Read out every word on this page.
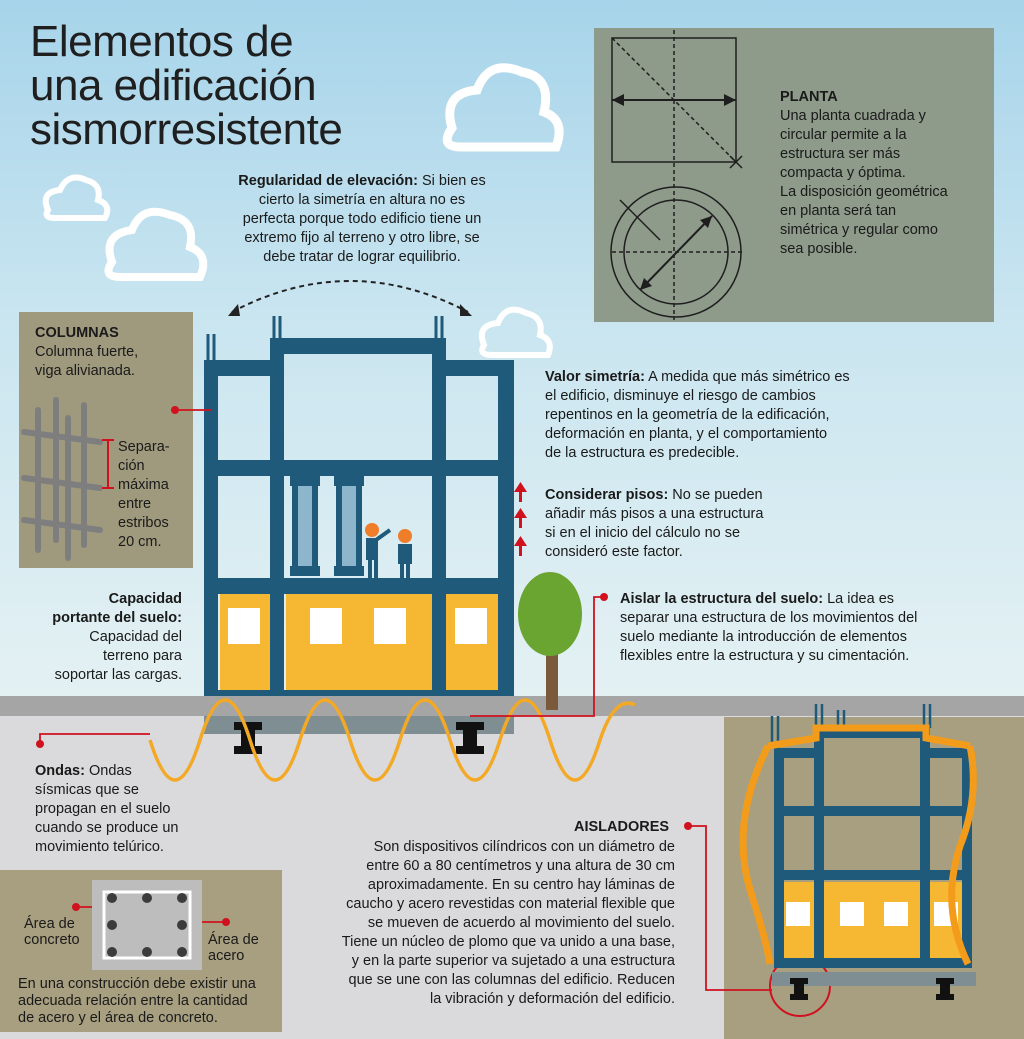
Elementos de
una edificación
sismorresistente
Regularidad de elevación: Si bien es
cierto la simetría en altura no es
perfecta porque todo edificio tiene un
extremo fijo al terreno y otro libre, se
debe tratar de lograr equilibrio.
PLANTA
Una planta cuadrada y
circular permite a la
estructura ser más
compacta y óptima.
La disposición geométrica
en planta será tan
simétrica y regular como
sea posible.
COLUMNAS
Columna fuerte,
viga alivianada.
Separa-
ción
máxima
entre
estribos
20 cm.
Valor simetría: A medida que más simétrico es
el edificio, disminuye el riesgo de cambios
repentinos en la geometría de la edificación,
deformación en planta, y el comportamiento
de la estructura es predecible.
Considerar pisos: No se pueden
añadir más pisos a una estructura
si en el inicio del cálculo no se
consideró este factor.
Capacidad
portante del suelo:
Capacidad del
terreno para
soportar las cargas.
Aislar la estructura del suelo: La idea es
separar una estructura de los movimientos del
suelo mediante la introducción de elementos
flexibles entre la estructura y su cimentación.
Ondas: Ondas
sísmicas que se
propagan en el suelo
cuando se produce un
movimiento telúrico.
AISLADORES
Son dispositivos cilíndricos con un diámetro de
entre 60 a 80 centímetros y una altura de 30 cm
aproximadamente. En su centro hay láminas de
caucho y acero revestidas con material flexible que
se mueven de acuerdo al movimiento del suelo.
Tiene un núcleo de plomo que va unido a una base,
y en la parte superior va sujetado a una estructura
que se une con las columnas del edificio. Reducen
la vibración y deformación del edificio.
Área de
concreto	Área de
acero
En una construcción debe existir una
adecuada relación entre la cantidad
de acero y el área de concreto.
